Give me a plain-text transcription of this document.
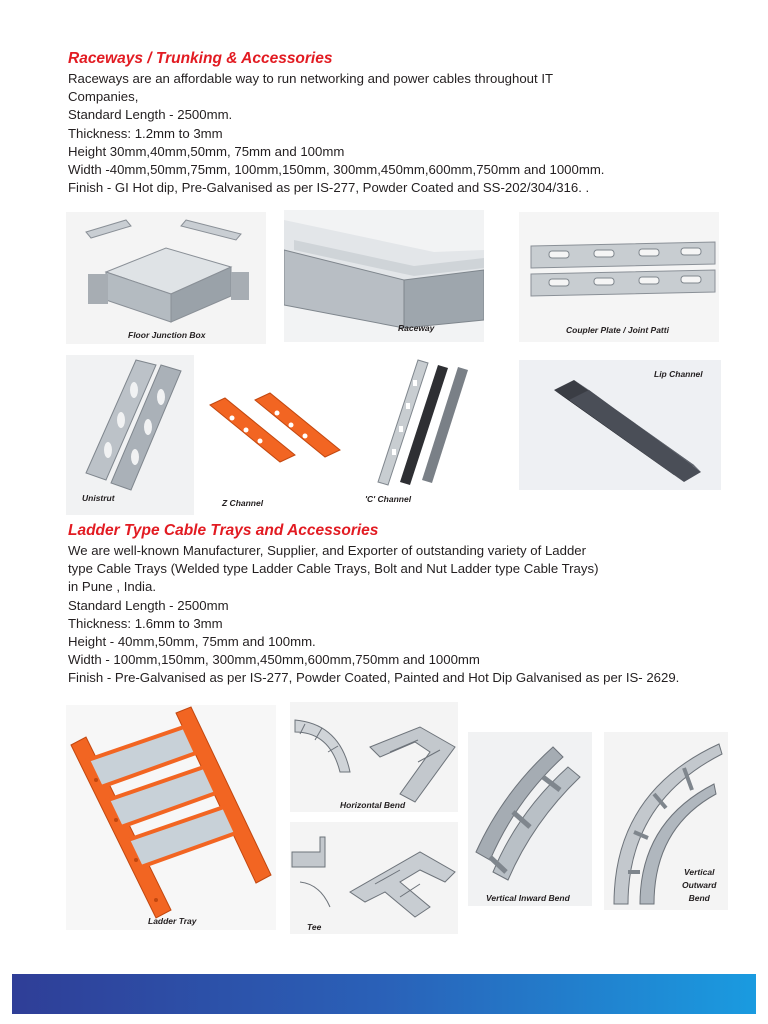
Raceways / Trunking & Accessories
Raceways are an affordable way to run networking and power cables throughout IT
Companies,
Standard Length - 2500mm.
Thickness: 1.2mm to 3mm
Height 30mm,40mm,50mm, 75mm and 100mm
Width -40mm,50mm,75mm, 100mm,150mm, 300mm,450mm,600mm,750mm and 1000mm.
Finish - GI Hot dip, Pre-Galvanised as per IS-277, Powder Coated and SS-202/304/316. .
Floor Junction Box
Raceway	Coupler Plate / Joint Patti
Unistrut	Z Channel	'C' Channel
Lip Channel
Ladder Type Cable Trays and Accessories
We are well-known Manufacturer, Supplier, and Exporter of outstanding variety of Ladder
type Cable Trays (Welded type Ladder Cable Trays, Bolt and Nut Ladder type Cable Trays)
in Pune , India.
Standard Length - 2500mm
Thickness: 1.6mm to 3mm
Height - 40mm,50mm, 75mm and 100mm.
Width - 100mm,150mm, 300mm,450mm,600mm,750mm and 1000mm
Finish - Pre-Galvanised as per IS-277, Powder Coated, Painted and Hot Dip Galvanised as per IS- 2629.
Ladder Tray
Horizontal Bend
Tee
Vertical Inward Bend
Vertical
Outward
Bend
